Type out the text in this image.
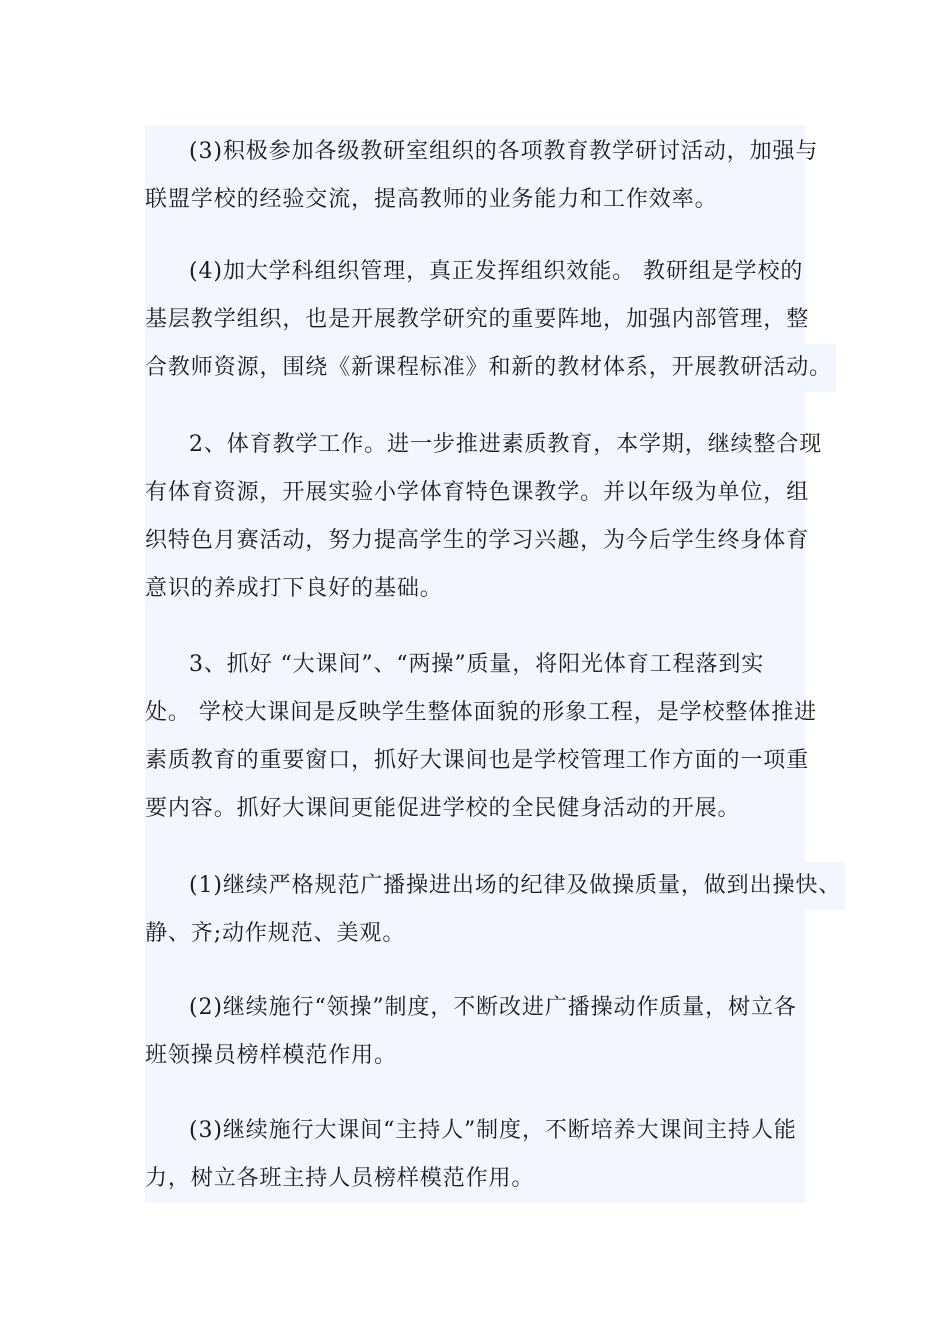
(3)积极参加各级教研室组织的各项教育教学研讨活动，加强与
联盟学校的经验交流，提高教师的业务能力和工作效率。
(4)加大学科组织管理，真正发挥组织效能。 教研组是学校的
基层教学组织，也是开展教学研究的重要阵地，加强内部管理，整
合教师资源，围绕《新课程标准》和新的教材体系，开展教研活动。
2、体育教学工作。进一步推进素质教育，本学期，继续整合现
有体育资源，开展实验小学体育特色课教学。并以年级为单位，组
织特色月赛活动，努力提高学生的学习兴趣，为今后学生终身体育
意识的养成打下良好的基础。
3、抓好 “大课间”、“两操”质量，将阳光体育工程落到实
处。 学校大课间是反映学生整体面貌的形象工程，是学校整体推进
素质教育的重要窗口，抓好大课间也是学校管理工作方面的一项重
要内容。抓好大课间更能促进学校的全民健身活动的开展。
(1)继续严格规范广播操进出场的纪律及做操质量，做到出操快、
静、齐;动作规范、美观。
(2)继续施行“领操”制度，不断改进广播操动作质量，树立各
班领操员榜样模范作用。
(3)继续施行大课间“主持人”制度，不断培养大课间主持人能
力，树立各班主持人员榜样模范作用。
